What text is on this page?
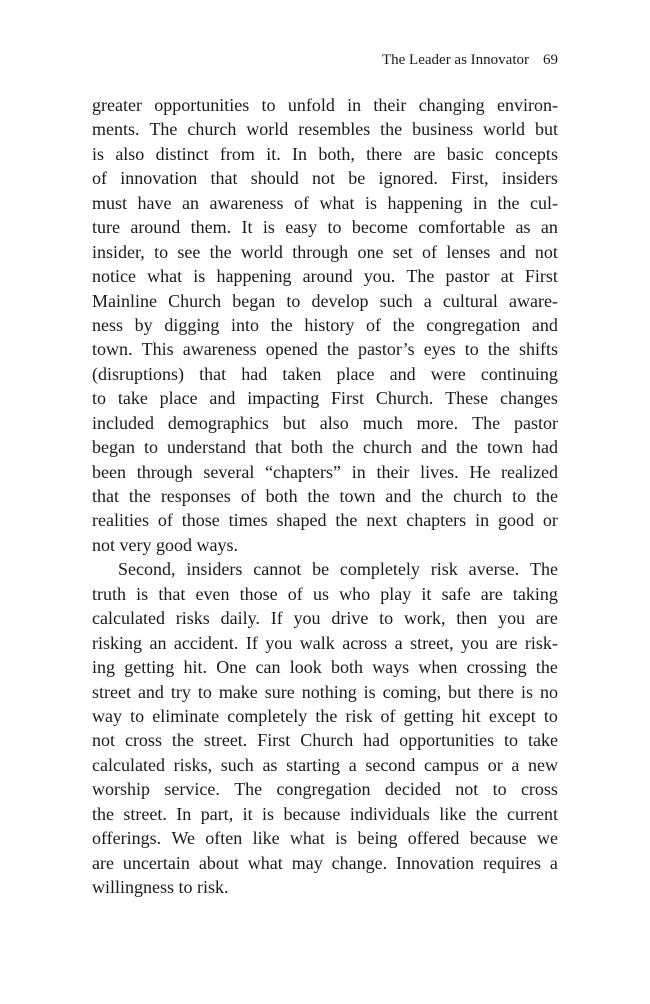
The Leader as Innovator 69
greater opportunities to unfold in their changing environ-
ments. The church world resembles the business world but
is also distinct from it. In both, there are basic concepts
of innovation that should not be ignored. First, insiders
must have an awareness of what is happening in the cul-
ture around them. It is easy to become comfortable as an
insider, to see the world through one set of lenses and not
notice what is happening around you. The pastor at First
Mainline Church began to develop such a cultural aware-
ness by digging into the history of the congregation and
town. This awareness opened the pastor’s eyes to the shifts
(disruptions) that had taken place and were continuing
to take place and impacting First Church. These changes
included demographics but also much more. The pastor
began to understand that both the church and the town had
been through several “chapters” in their lives. He realized
that the responses of both the town and the church to the
realities of those times shaped the next chapters in good or
not very good ways.
Second, insiders cannot be completely risk averse. The
truth is that even those of us who play it safe are taking
calculated risks daily. If you drive to work, then you are
risking an accident. If you walk across a street, you are risk-
ing getting hit. One can look both ways when crossing the
street and try to make sure nothing is coming, but there is no
way to eliminate completely the risk of getting hit except to
not cross the street. First Church had opportunities to take
calculated risks, such as starting a second campus or a new
worship service. The congregation decided not to cross
the street. In part, it is because individuals like the current
offerings. We often like what is being offered because we
are uncertain about what may change. Innovation requires a
willingness to risk.
